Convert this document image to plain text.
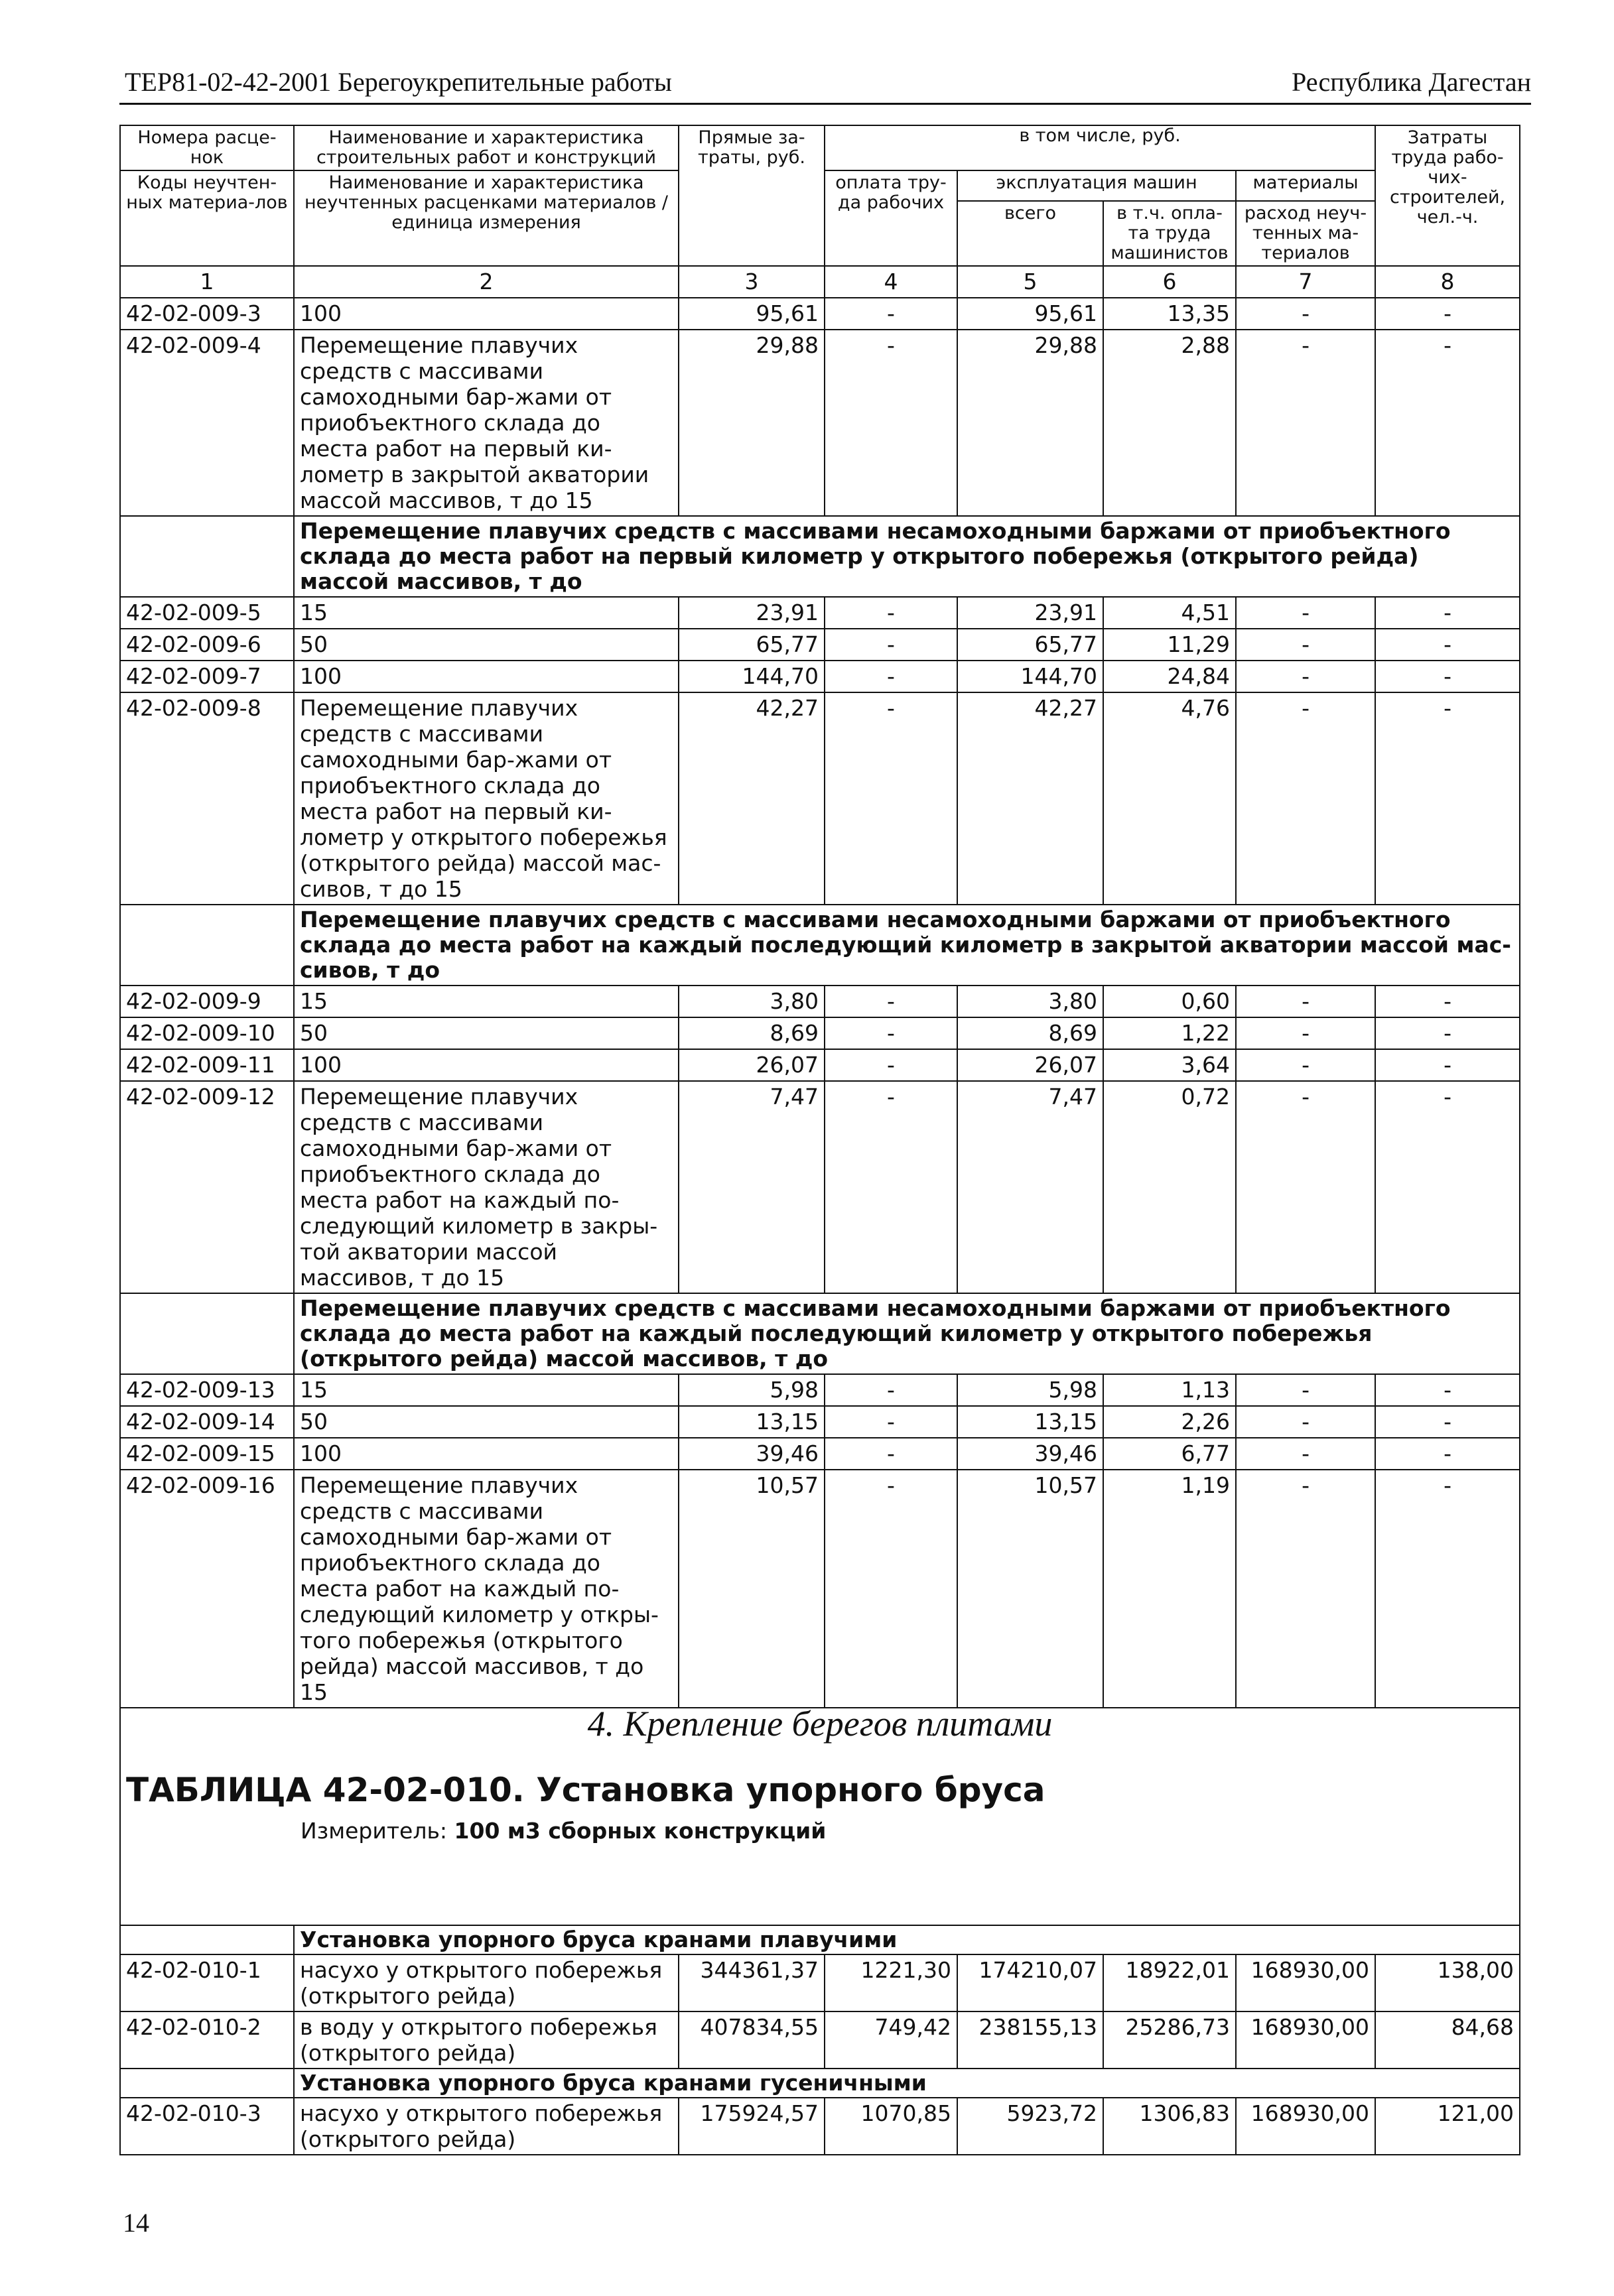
ТЕР81-02-42-2001 Берегоукрепительные работы	Республика Дагестан
Номера расце-нок	Наименование и характеристика строительных работ и конструкций	Прямые за-траты, руб.	в том числе, руб.				Затраты труда рабо-чих-строителей, чел.-ч.
Коды неучтен-ных материа-лов	Наименование и характеристика неучтенных расценками материалов / единица измерения		оплата тру-да рабочих	эксплуатация машин		материалы	
				всего	в т.ч. опла-та труда машинистов	расход неуч-тенных ма-териалов	
1	2	3	4	5	6	7	8
42-02-009-3	100	95,61	-	95,61	13,35	-	-
42-02-009-4	Перемещение плавучих средств с массивами самоходными бар-жами от приобъектного склада до места работ на первый ки-лометр в закрытой акватории массой массивов, т до 15	29,88	-	29,88	2,88	-	-
	Перемещение плавучих средств с массивами несамоходными баржами от приобъектного склада до места работ на первый километр у открытого побережья (открытого рейда) массой массивов, т до						
42-02-009-5	15	23,91	-	23,91	4,51	-	-
42-02-009-6	50	65,77	-	65,77	11,29	-	-
42-02-009-7	100	144,70	-	144,70	24,84	-	-
42-02-009-8	Перемещение плавучих средств с массивами самоходными бар-жами от приобъектного склада до места работ на первый ки-лометр у открытого побережья (открытого рейда) массой мас-сивов, т до 15	42,27	-	42,27	4,76	-	-
	Перемещение плавучих средств с массивами несамоходными баржами от приобъектного склада до места работ на каждый последующий километр в закрытой акватории массой мас-сивов, т до						
42-02-009-9	15	3,80	-	3,80	0,60	-	-
42-02-009-10	50	8,69	-	8,69	1,22	-	-
42-02-009-11	100	26,07	-	26,07	3,64	-	-
42-02-009-12	Перемещение плавучих средств с массивами самоходными бар-жами от приобъектного склада до места работ на каждый по-следующий километр в закры-той акватории массой массивов, т до 15	7,47	-	7,47	0,72	-	-
	Перемещение плавучих средств с массивами несамоходными баржами от приобъектного склада до места работ на каждый последующий километр у открытого побережья (открытого рейда) массой массивов, т до						
42-02-009-13	15	5,98	-	5,98	1,13	-	-
42-02-009-14	50	13,15	-	13,15	2,26	-	-
42-02-009-15	100	39,46	-	39,46	6,77	-	-
42-02-009-16	Перемещение плавучих средств с массивами самоходными бар-жами от приобъектного склада до места работ на каждый по-следующий километр у откры-того побережья (открытого рейда) массой массивов, т до 15	10,57	-	10,57	1,19	-	-

4. Крепление берегов плитами
ТАБЛИЦА 42-02-010. Установка упорного бруса
Измеритель: 100 м3 сборных конструкций							

	Установка упорного бруса кранами плавучими						
42-02-010-1	насухо у открытого побережья (открытого рейда)	344361,37	1221,30	174210,07	18922,01	168930,00	138,00
42-02-010-2	в воду у открытого побережья (открытого рейда)	407834,55	749,42	238155,13	25286,73	168930,00	84,68
	Установка упорного бруса кранами гусеничными						
42-02-010-3	насухо у открытого побережья (открытого рейда)	175924,57	1070,85	5923,72	1306,83	168930,00	121,00
14
